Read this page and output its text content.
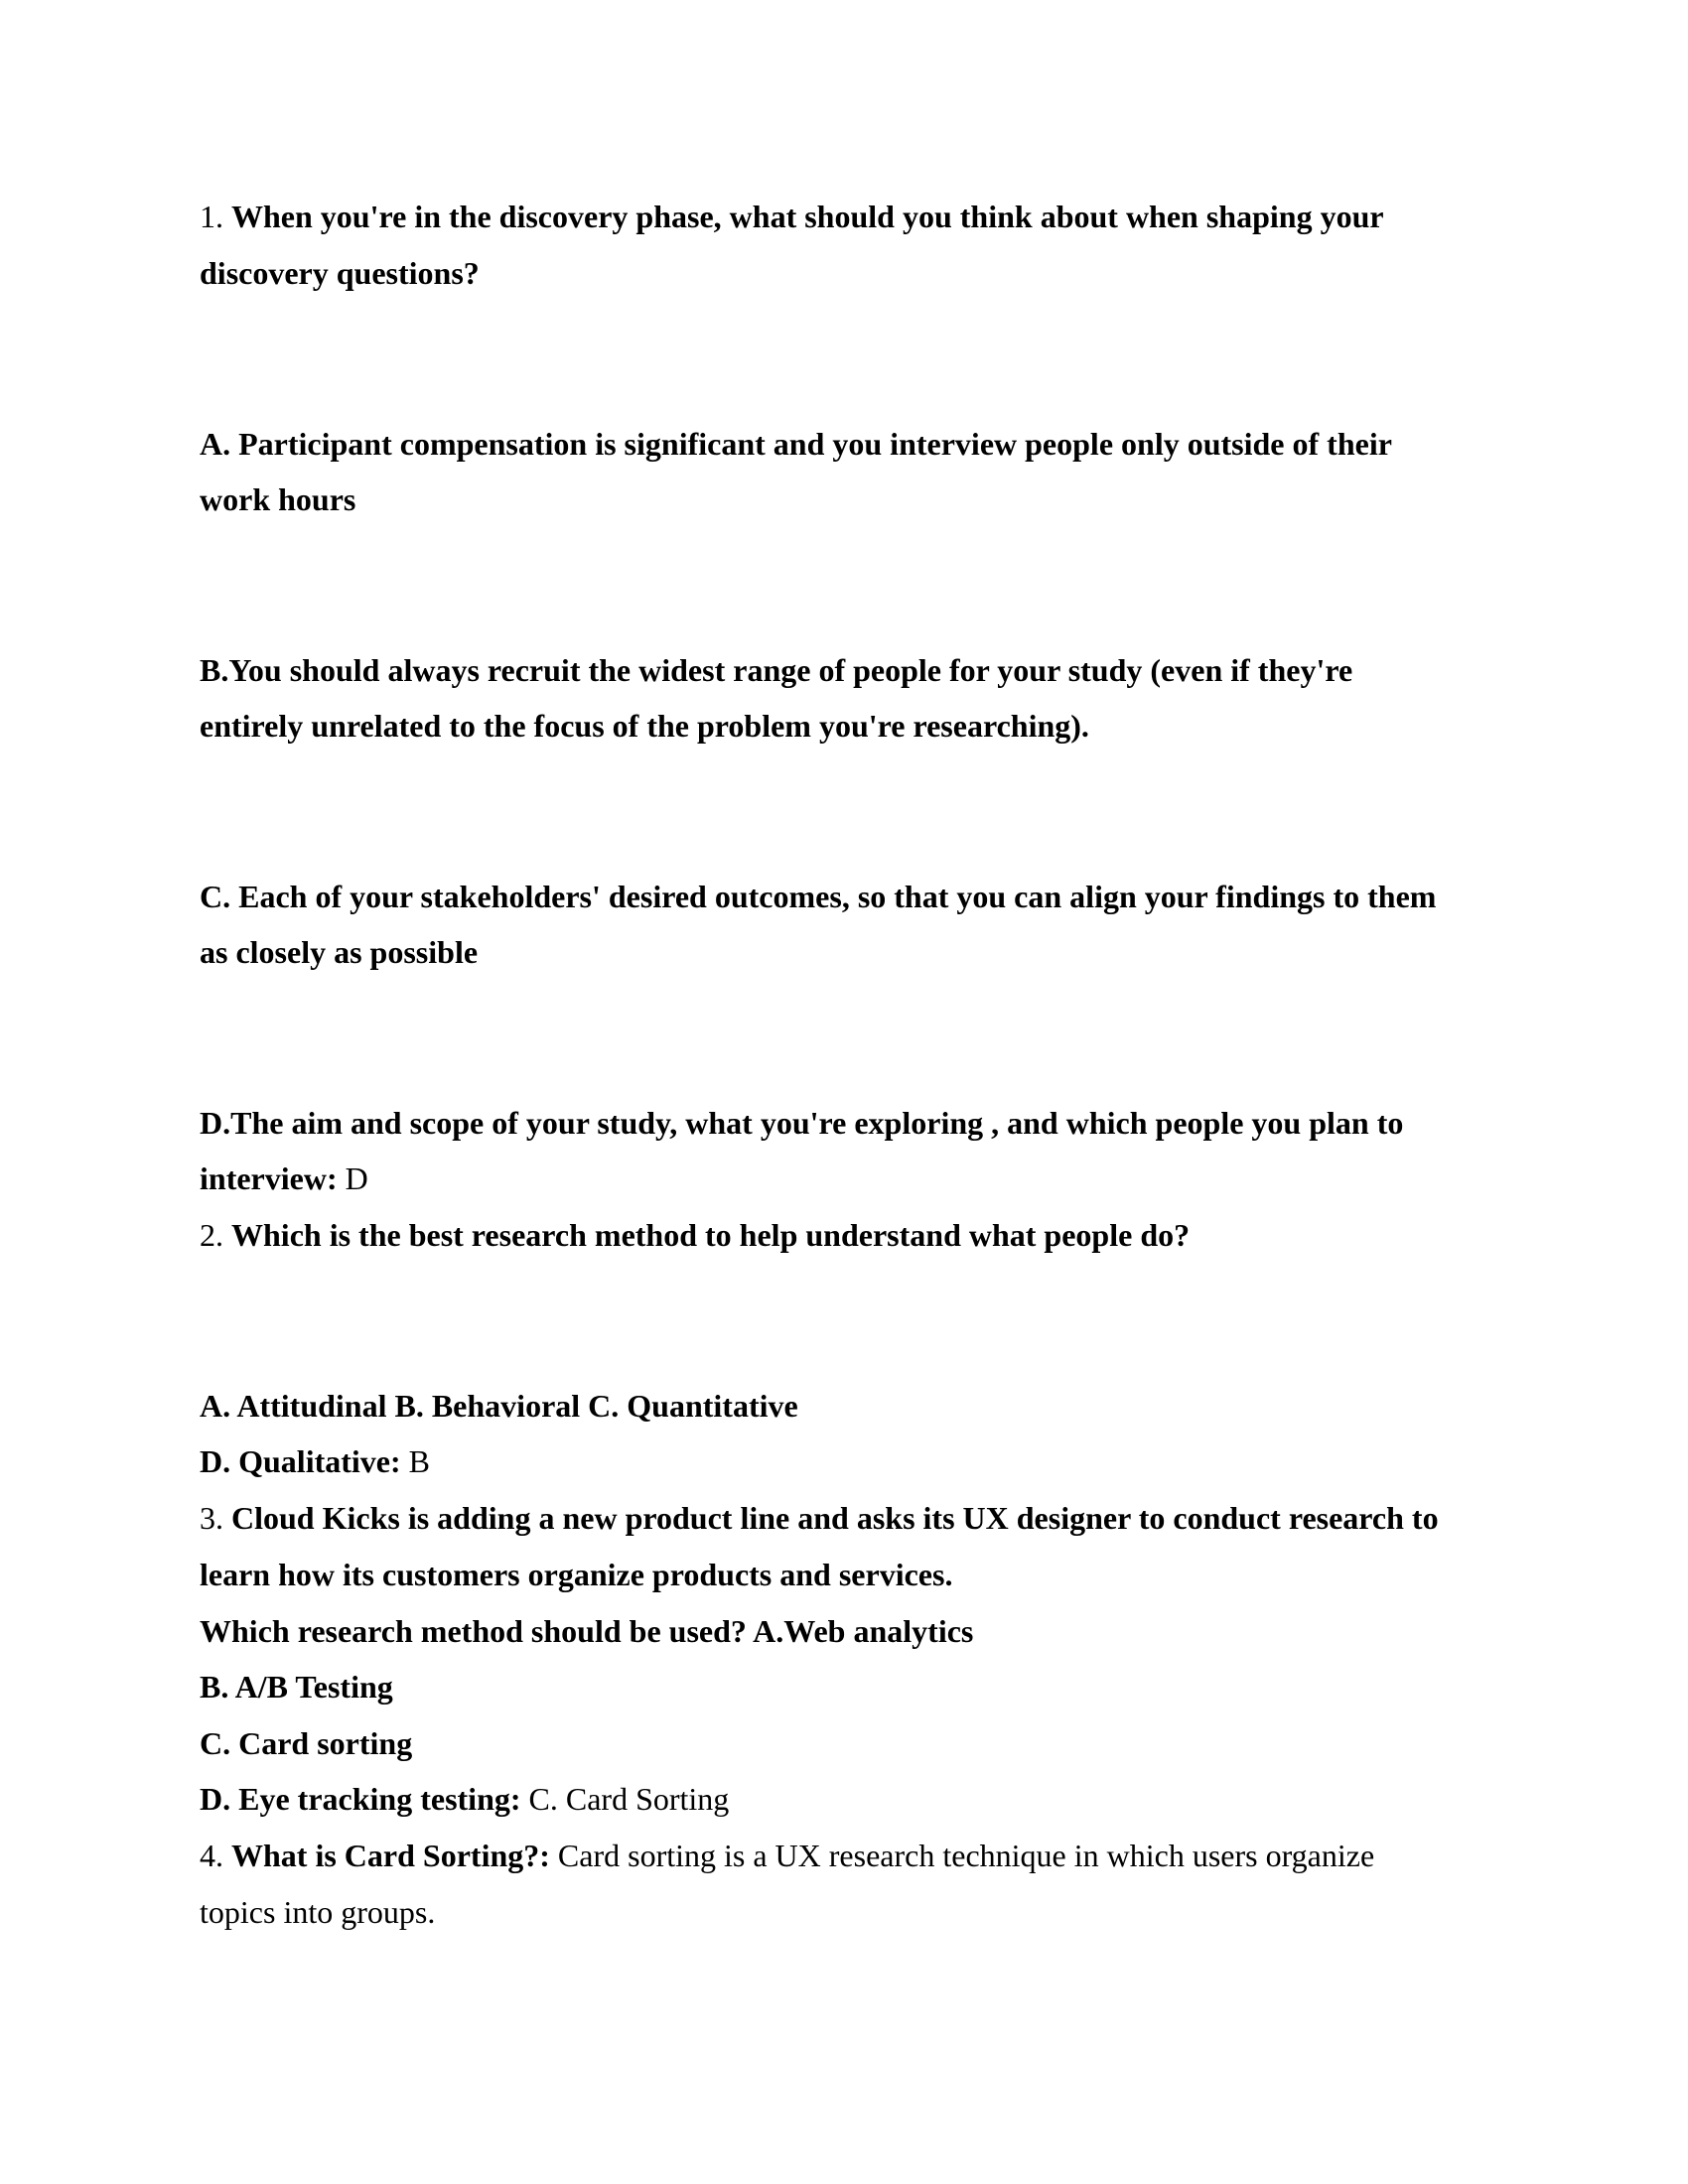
1. When you're in the discovery phase, what should you think about when shaping your

discovery questions?

A. Participant compensation is significant and you interview people only outside of their

work hours

B.You should always recruit the widest range of people for your study (even if they're

entirely unrelated to the focus of the problem you're researching).

C. Each of your stakeholders' desired outcomes, so that you can align your findings to them

as closely as possible

D.The aim and scope of your study, what you're exploring , and which people you plan to

interview: D

2. Which is the best research method to help understand what people do?

A. Attitudinal B. Behavioral C. Quantitative

D. Qualitative: B

3. Cloud Kicks is adding a new product line and asks its UX designer to conduct research to

learn how its customers organize products and services.

Which research method should be used? A.Web analytics

B. A/B Testing

C. Card sorting

D. Eye tracking testing: C. Card Sorting

4. What is Card Sorting?: Card sorting is a UX research technique in which users organize

topics into groups.
